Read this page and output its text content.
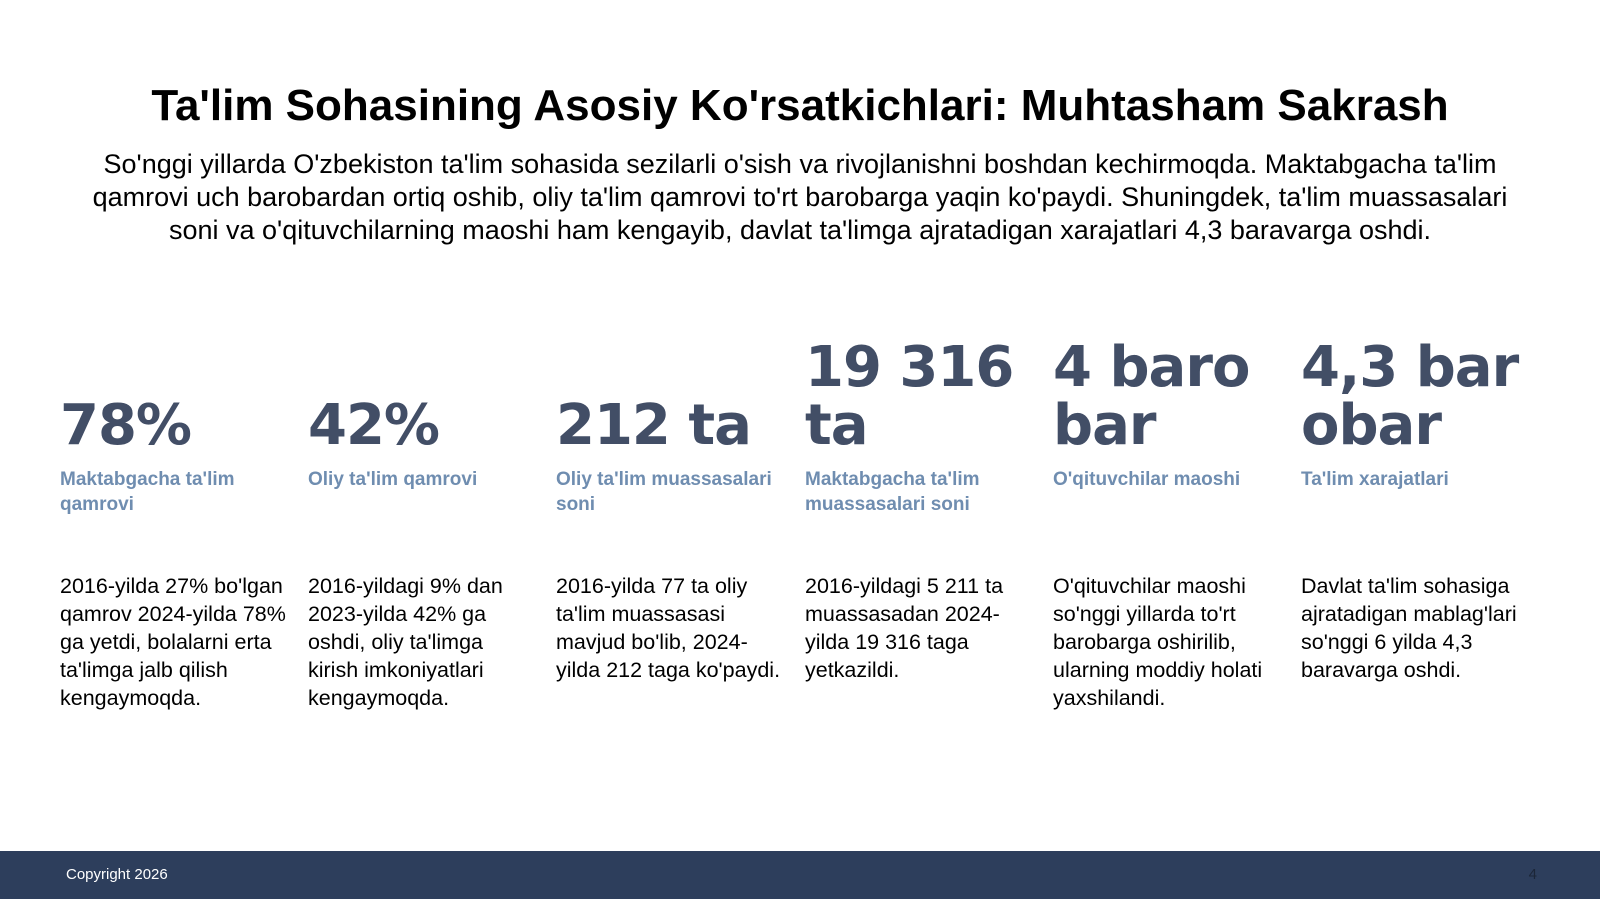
Ta'lim Sohasining Asosiy Ko'rsatkichlari: Muhtasham Sakrash

So'nggi yillarda O'zbekiston ta'lim sohasida sezilarli o'sish va rivojlanishni boshdan kechirmoqda. Maktabgacha ta'lim qamrovi uch barobardan ortiq oshib, oliy ta'lim qamrovi to'rt barobarga yaqin ko'paydi. Shuningdek, ta'lim muassasalari soni va o'qituvchilarning maoshi ham kengayib, davlat ta'limga ajratadigan xarajatlari 4,3 baravarga oshdi.

78%
Maktabgacha ta'lim qamrovi
2016-yilda 27% bo'lgan qamrov 2024-yilda 78% ga yetdi, bolalarni erta ta'limga jalb qilish kengaymoqda.
42%
Oliy ta'lim qamrovi
2016-yildagi 9% dan 2023-yilda 42% ga oshdi, oliy ta'limga kirish imkoniyatlari kengaymoqda.
212 ta
Oliy ta'lim muassasalari soni
2016-yilda 77 ta oliy ta'lim muassasasi mavjud bo'lib, 2024-yilda 212 taga ko'paydi.
19 316 ta
Maktabgacha ta'lim muassasalari soni
2016-yildagi 5 211 ta muassasadan 2024-yilda 19 316 taga yetkazildi.
4 barobar
O'qituvchilar maoshi
O'qituvchilar maoshi so'nggi yillarda to'rt barobarga oshirilib, ularning moddiy holati yaxshilandi.
4,3 barobar
Ta'lim xarajatlari
Davlat ta'lim sohasiga ajratadigan mablag'lari so'nggi 6 yilda 4,3 baravarga oshdi.
Copyright 2026	4
